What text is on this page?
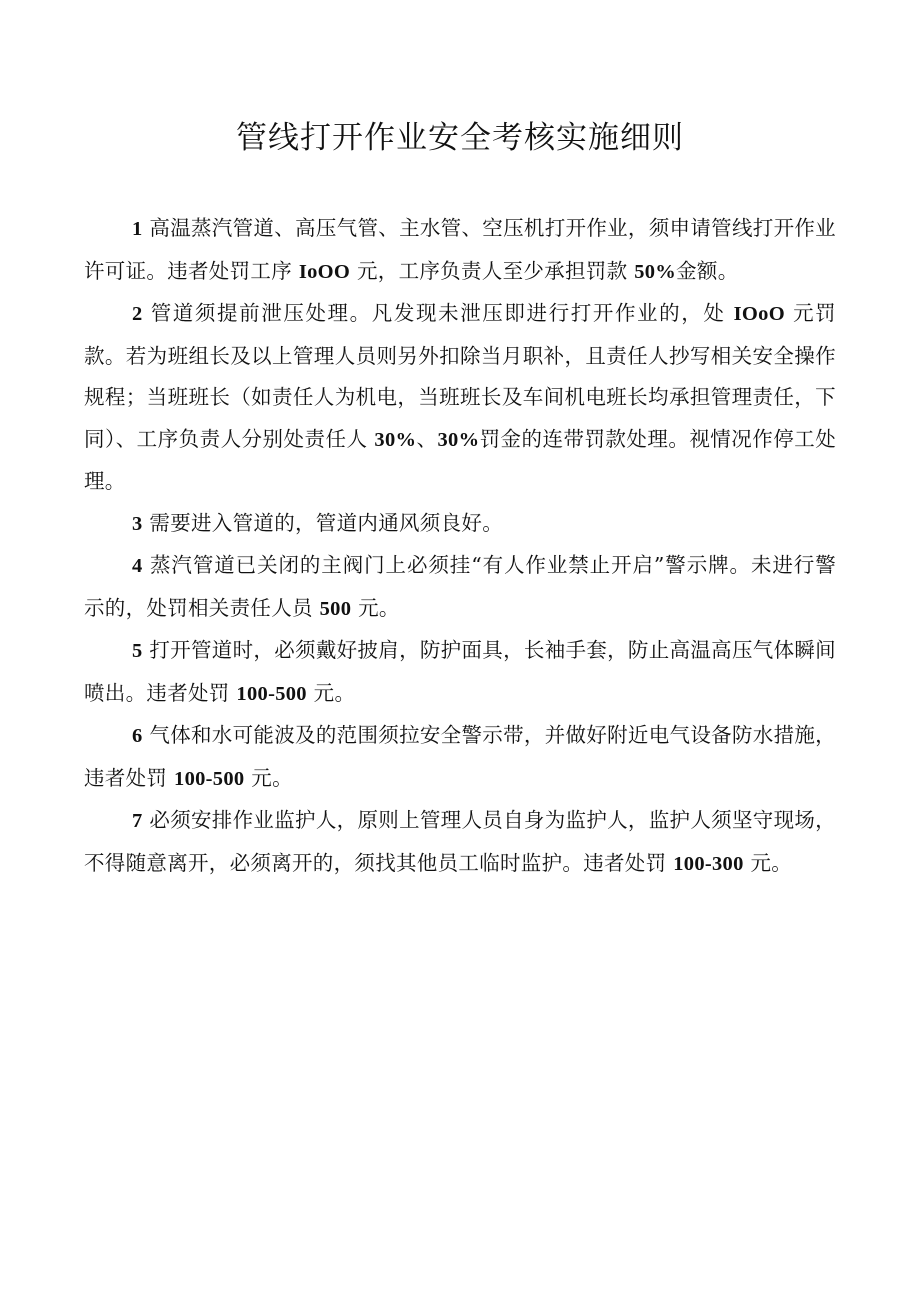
管线打开作业安全考核实施细则

1 高温蒸汽管道、高压气管、主水管、空压机打开作业，须申请管线打开作业许可证。违者处罚工序 IoOO 元，工序负责人至少承担罚款 50%金额。

2 管道须提前泄压处理。凡发现未泄压即进行打开作业的，处 IOoO 元罚款。若为班组长及以上管理人员则另外扣除当月职补，且责任人抄写相关安全操作规程；当班班长（如责任人为机电，当班班长及车间机电班长均承担管理责任，下同）、工序负责人分别处责任人 30%、30%罚金的连带罚款处理。视情况作停工处理。

3 需要进入管道的，管道内通风须良好。

4 蒸汽管道已关闭的主阀门上必须挂“有人作业禁止开启”警示牌。未进行警示的，处罚相关责任人员 500 元。

5 打开管道时，必须戴好披肩，防护面具，长袖手套，防止高温高压气体瞬间喷出。违者处罚 100-500 元。

6 气体和水可能波及的范围须拉安全警示带，并做好附近电气设备防水措施，违者处罚 100-500 元。

7 必须安排作业监护人，原则上管理人员自身为监护人，监护人须坚守现场，不得随意离开，必须离开的，须找其他员工临时监护。违者处罚 100-300 元。
